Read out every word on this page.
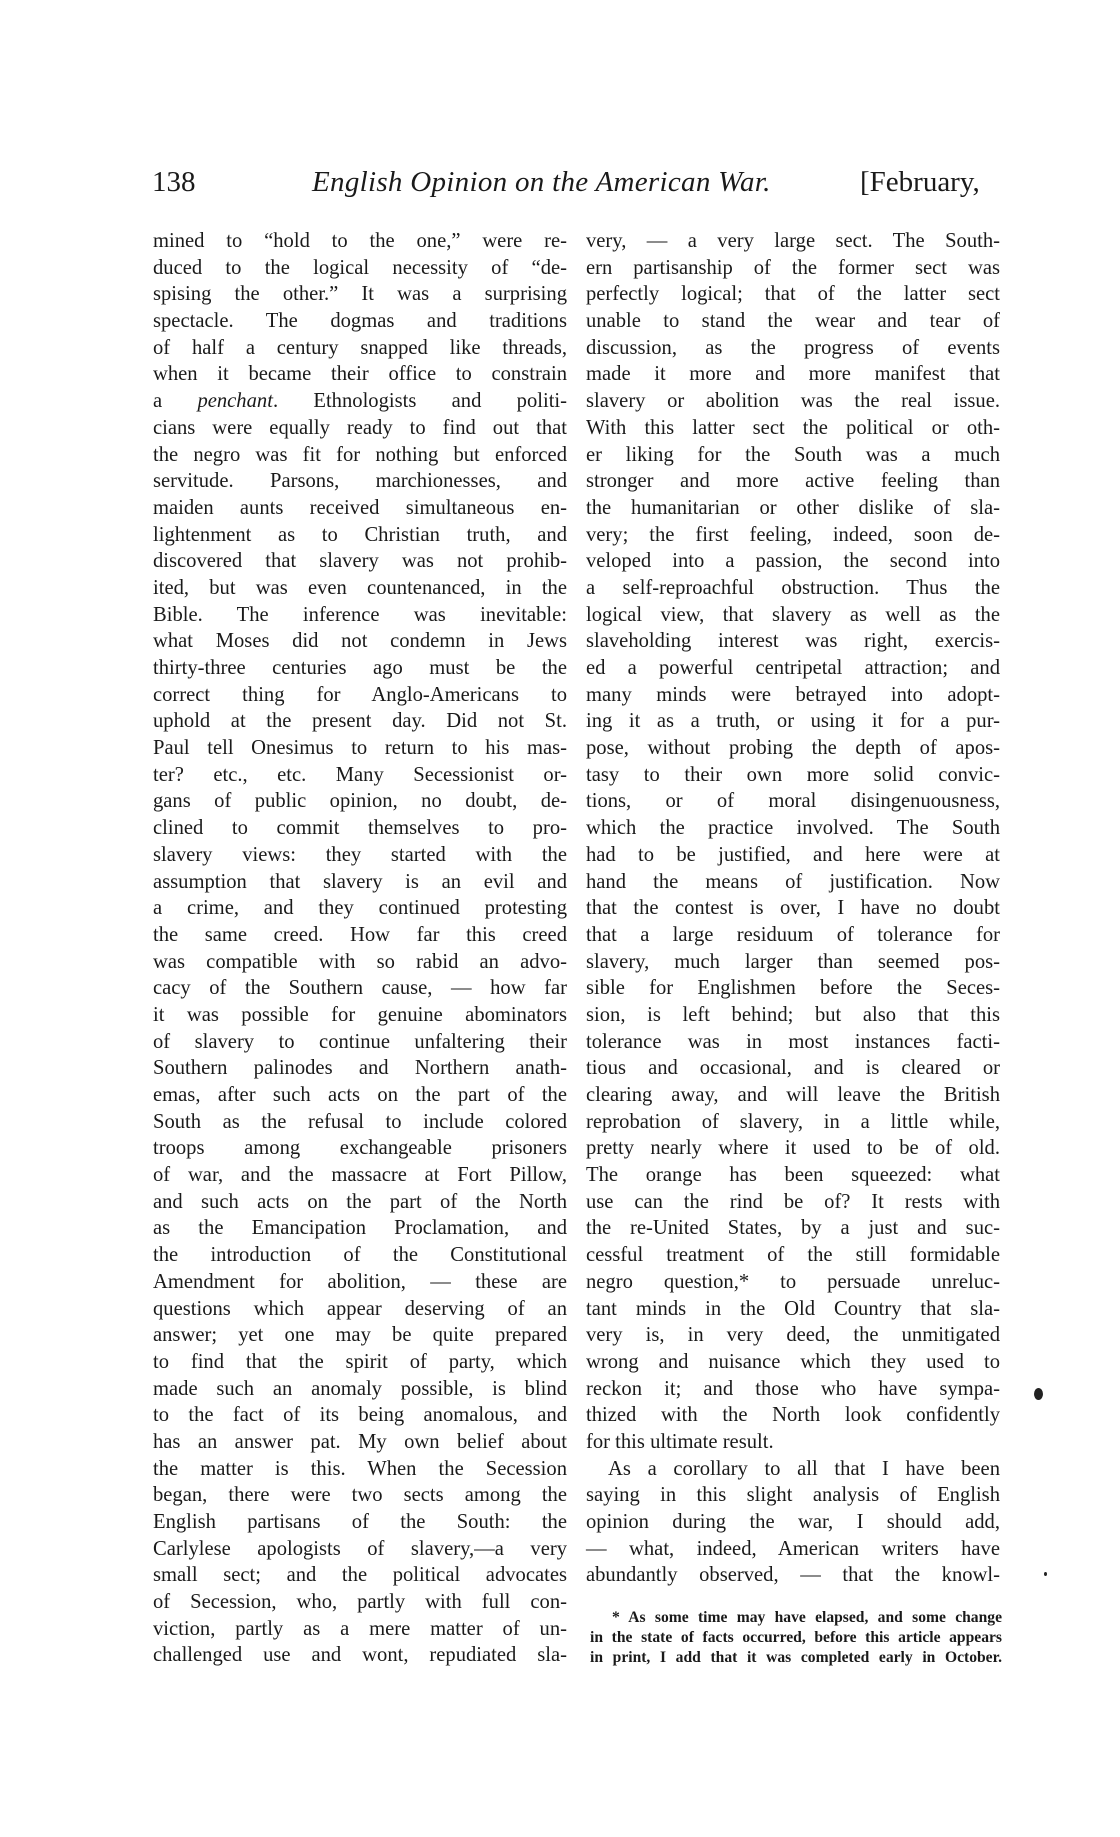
138	English Opinion on the American War.	[February,
mined to “hold to the one,” were re-
duced to the logical necessity of “de-
spising the other.” It was a surprising
spectacle. The dogmas and traditions
of half a century snapped like threads,
when it became their office to constrain
a penchant. Ethnologists and politi-
cians were equally ready to find out that
the negro was fit for nothing but enforced
servitude. Parsons, marchionesses, and
maiden aunts received simultaneous en-
lightenment as to Christian truth, and
discovered that slavery was not prohib-
ited, but was even countenanced, in the
Bible. The inference was inevitable:
what Moses did not condemn in Jews
thirty-three centuries ago must be the
correct thing for Anglo-Americans to
uphold at the present day. Did not St.
Paul tell Onesimus to return to his mas-
ter? etc., etc. Many Secessionist or-
gans of public opinion, no doubt, de-
clined to commit themselves to pro-
slavery views: they started with the
assumption that slavery is an evil and
a crime, and they continued protesting
the same creed. How far this creed
was compatible with so rabid an advo-
cacy of the Southern cause, — how far
it was possible for genuine abominators
of slavery to continue unfaltering their
Southern palinodes and Northern anath-
emas, after such acts on the part of the
South as the refusal to include colored
troops among exchangeable prisoners
of war, and the massacre at Fort Pillow,
and such acts on the part of the North
as the Emancipation Proclamation, and
the introduction of the Constitutional
Amendment for abolition, — these are
questions which appear deserving of an
answer; yet one may be quite prepared
to find that the spirit of party, which
made such an anomaly possible, is blind
to the fact of its being anomalous, and
has an answer pat. My own belief about
the matter is this. When the Secession
began, there were two sects among the
English partisans of the South: the
Carlylese apologists of slavery,—a very
small sect; and the political advocates
of Secession, who, partly with full con-
viction, partly as a mere matter of un-
challenged use and wont, repudiated sla-
very, — a very large sect. The South-
ern partisanship of the former sect was
perfectly logical; that of the latter sect
unable to stand the wear and tear of
discussion, as the progress of events
made it more and more manifest that
slavery or abolition was the real issue.
With this latter sect the political or oth-
er liking for the South was a much
stronger and more active feeling than
the humanitarian or other dislike of sla-
very; the first feeling, indeed, soon de-
veloped into a passion, the second into
a self-reproachful obstruction. Thus the
logical view, that slavery as well as the
slaveholding interest was right, exercis-
ed a powerful centripetal attraction; and
many minds were betrayed into adopt-
ing it as a truth, or using it for a pur-
pose, without probing the depth of apos-
tasy to their own more solid convic-
tions, or of moral disingenuousness,
which the practice involved. The South
had to be justified, and here were at
hand the means of justification. Now
that the contest is over, I have no doubt
that a large residuum of tolerance for
slavery, much larger than seemed pos-
sible for Englishmen before the Seces-
sion, is left behind; but also that this
tolerance was in most instances facti-
tious and occasional, and is cleared or
clearing away, and will leave the British
reprobation of slavery, in a little while,
pretty nearly where it used to be of old.
The orange has been squeezed: what
use can the rind be of? It rests with
the re-United States, by a just and suc-
cessful treatment of the still formidable
negro question,* to persuade unreluc-
tant minds in the Old Country that sla-
very is, in very deed, the unmitigated
wrong and nuisance which they used to
reckon it; and those who have sympa-
thized with the North look confidently
for this ultimate result.
As a corollary to all that I have been
saying in this slight analysis of English
opinion during the war, I should add,
— what, indeed, American writers have
abundantly observed, — that the knowl-
* As some time may have elapsed, and some change
in the state of facts occurred, before this article appears
in print, I add that it was completed early in October.
